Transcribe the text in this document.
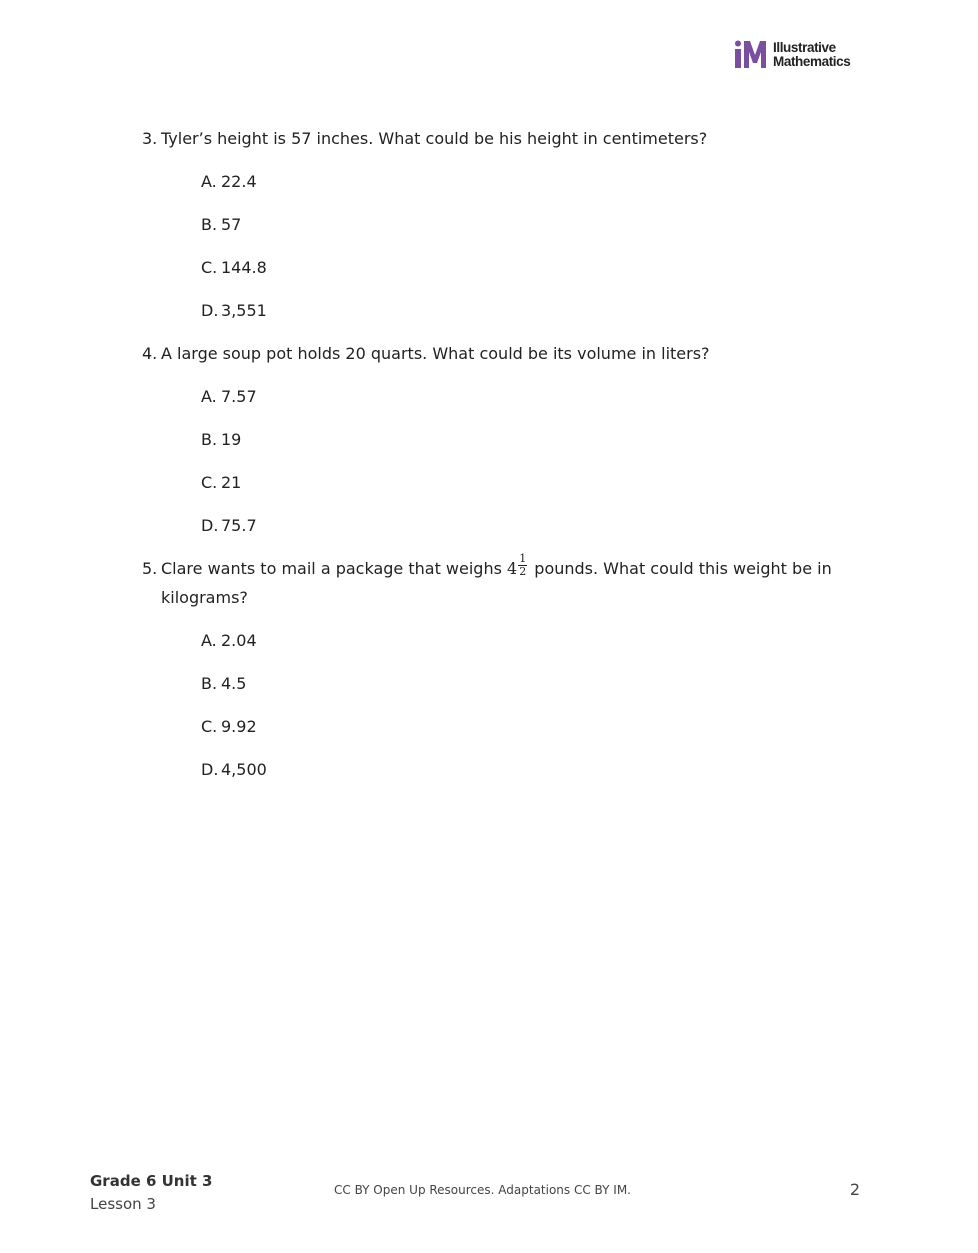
Illustrative
Mathematics
3. Tyler’s height is 57 inches. What could be his height in centimeters?
A. 22.4
B. 57
C. 144.8
D. 3,551
4. A large soup pot holds 20 quarts. What could be its volume in liters?
A. 7.57
B. 19
C. 21
D. 75.7
5. Clare wants to mail a package that weighs $4 \frac{1}{2}$ pounds. What could this weight be in kilograms?
A. 2.04
B. 4.5
C. 9.92
D. 4,500
Grade 6 Unit 3
Lesson 3
CC BY Open Up Resources. Adaptations CC BY IM.	2
